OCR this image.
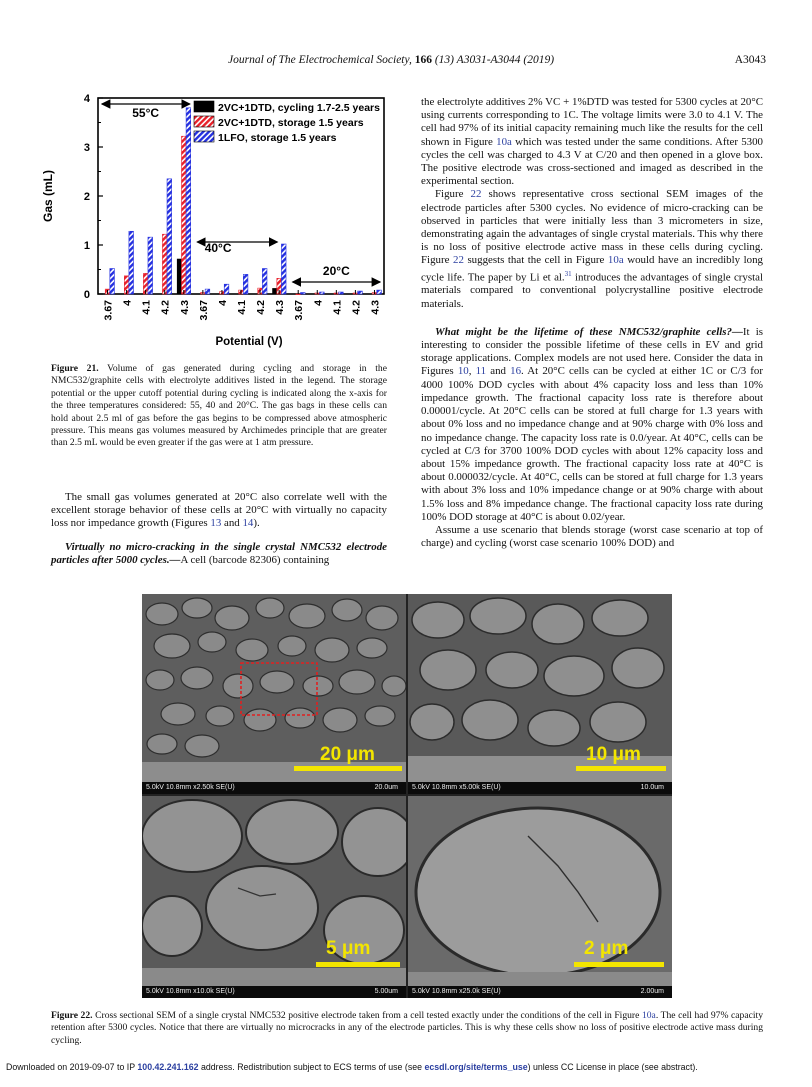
Journal of The Electrochemical Society, 166 (13) A3031-A3044 (2019)	A3043
Gas (mL)
0
1
2
3
4
3.67 4 4.1 4.2 4.3 3.67 4 4.1 4.2 4.3 3.67 4 4.1 4.2 4.3
55°C
40°C
20°C
2VC+1DTD, cycling 1.7-2.5 years
2VC+1DTD, storage 1.5 years
1LFO, storage 1.5 years
Potential (V)
Figure 21. Volume of gas generated during cycling and storage in the NMC532/graphite cells with electrolyte additives listed in the legend. The storage potential or the upper cutoff potential during cycling is indicated along the x-axis for the three temperatures considered: 55, 40 and 20°C. The gas bags in these cells can hold about 2.5 ml of gas before the gas begins to be compressed above atmospheric pressure. This means gas volumes measured by Archimedes principle that are greater than 2.5 mL would be even greater if the gas were at 1 atm pressure.

The small gas volumes generated at 20°C also correlate well with the excellent storage behavior of these cells at 20°C with virtually no capacity loss nor impedance growth (Figures 13 and 14).

Virtually no micro-cracking in the single crystal NMC532 electrode particles after 5000 cycles.—A cell (barcode 82306) containing

the electrolyte additives 2% VC + 1%DTD was tested for 5300 cycles at 20°C using currents corresponding to 1C. The voltage limits were 3.0 to 4.1 V. The cell had 97% of its initial capacity remaining much like the results for the cell shown in Figure 10a which was tested under the same conditions. After 5300 cycles the cell was charged to 4.3 V at C/20 and then opened in a glove box. The positive electrode was cross-sectioned and imaged as described in the experimental section.

Figure 22 shows representative cross sectional SEM images of the electrode particles after 5300 cycles. No evidence of micro-cracking can be observed in particles that were initially less than 3 micrometers in size, demonstrating again the advantages of single crystal materials. This why there is no loss of positive electrode active mass in these cells during cycling. Figure 22 suggests that the cell in Figure 10a would have an incredibly long cycle life. The paper by Li et al.$^{31}$ introduces the advantages of single crystal materials compared to conventional polycrystalline positive electrode materials.

What might be the lifetime of these NMC532/graphite cells?—It is interesting to consider the possible lifetime of these cells in EV and grid storage applications. Complex models are not used here. Consider the data in Figures 10, 11 and 16. At 20°C cells can be cycled at either 1C or C/3 for 4000 100% DOD cycles with about 4% capacity loss and less than 10% impedance growth. The fractional capacity loss rate is therefore about 0.00001/cycle. At 20°C cells can be stored at full charge for 1.3 years with about 0% loss and no impedance change and at 90% charge with 0% loss and no impedance change. The capacity loss rate is 0.0/year. At 40°C, cells can be cycled at C/3 for 3700 100% DOD cycles with about 12% capacity loss and about 15% impedance growth. The fractional capacity loss rate at 40°C is about 0.000032/cycle. At 40°C, cells can be stored at full charge for 1.3 years with about 3% loss and 10% impedance change or at 90% charge with about 1.5% loss and 8% impedance change. The fractional capacity loss rate during 100% DOD storage at 40°C is about 0.02/year.

Assume a use scenario that blends storage (worst case scenario at top of charge) and cycling (worst case scenario 100% DOD) and

20 μm
5.0kV 10.8mm x2.50k SE(U)	20.0um
10 μm
5.0kV 10.8mm x5.00k SE(U)	10.0um
5 μm
5.0kV 10.8mm x10.0k SE(U)	5.00um
2 μm
5.0kV 10.8mm x25.0k SE(U)	2.00um
Figure 22. Cross sectional SEM of a single crystal NMC532 positive electrode taken from a cell tested exactly under the conditions of the cell in Figure 10a. The cell had 97% capacity retention after 5300 cycles. Notice that there are virtually no microcracks in any of the electrode particles. This is why these cells show no loss of positive electrode active mass during cycling.
Downloaded on 2019-09-07 to IP 100.42.241.162 address. Redistribution subject to ECS terms of use (see ecsdl.org/site/terms_use) unless CC License in place (see abstract).
